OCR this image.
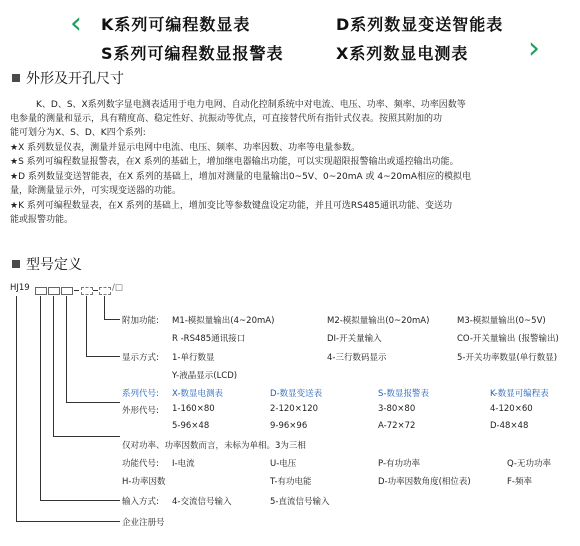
‹ K系列可编程数显表	D系列数显变送智能表
S系列可编程数显报警表	X系列数显电测表 ›
外形及开孔尺寸
K、D、S、X系列数字显电测表适用于电力电网、自动化控制系统中对电流、电压、功率、频率、功率因数等
电参量的测量和显示，具有精度高、稳定性好、抗振动等优点，可直接替代所有指针式仪表。按照其附加的功
能可划分为X、S、D、K四个系列:
★X 系列数显仪表，测量并显示电网中电流、电压、频率、功率因数、功率等电量参数。
★S 系列可编程数显报警表，在X 系列的基础上，增加继电器输出功能，可以实现超限报警输出或遥控输出功能。
★D 系列数显变送智能表，在X 系列的基础上，增加对测量的电量输出0~5V、0~20mA 或 4~20mA相应的模拟电
量，除测量显示外，可实现变送器的功能。
★K 系列可编程数显表，在X 系列的基础上，增加变比等参数键盘设定功能，并且可选RS485通讯功能、变送功
能或报警功能。
型号定义
HJ19	/□
附加功能: M1-模拟量输出(4~20mA)	M2-模拟量输出(0~20mA)	M3-模拟量输出(0~5V)
R -RS485通讯接口	DI-开关量输入	CO-开关量输出 (报警输出)
显示方式: 1-单行数显	4-三行数码显示	5-开关功率数显(单行数显)
Y-液晶显示(LCD)
系列代号: X-数显电测表	D-数显变送表	S-数显报警表	K-数显可编程表
外形代号: 1-160×80	2-120×120	3-80×80	4-120×60
5-96×48	9-96×96	A-72×72	D-48×48
仅对功率、功率因数而言，未标为单相。3为三相
功能代号: I-电流	U-电压	P-有功功率	Q-无功功率
H-功率因数	T-有功电能	D-功率因数角度(相位表)	F-频率
输入方式: 4-交流信号输入	5-直流信号输入
企业注册号
